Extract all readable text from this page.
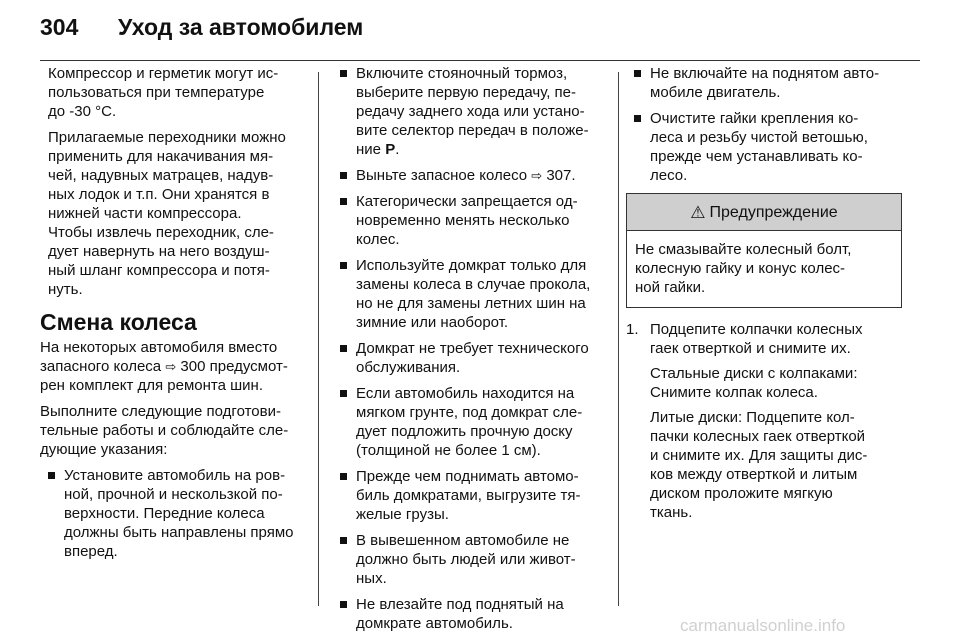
304 Уход за автомобилем
Компрессор и герметик могут ис-
пользоваться при температуре
до -30 °C.
Прилагаемые переходники можно
применить для накачивания мя-
чей, надувных матрацев, надув-
ных лодок и т.п. Они хранятся в
нижней части компрессора.
Чтобы извлечь переходник, сле-
дует навернуть на него воздуш-
ный шланг компрессора и потя-
нуть.
Смена колеса
На некоторых автомобиля вместо
запасного колеса ⇨ 300 предусмот-
рен комплект для ремонта шин.
Выполните следующие подготови-
тельные работы и соблюдайте сле-
дующие указания:
Установите автомобиль на ров-
ной, прочной и нескользкой по-
верхности. Передние колеса
должны быть направлены прямо
вперед.
Включите стояночный тормоз,
выберите первую передачу, пе-
редачу заднего хода или устано-
вите селектор передач в положе-
ние P.
Выньте запасное колесо ⇨ 307.
Категорически запрещается од-
новременно менять несколько
колес.
Используйте домкрат только для
замены колеса в случае прокола,
но не для замены летних шин на
зимние или наоборот.
Домкрат не требует технического
обслуживания.
Если автомобиль находится на
мягком грунте, под домкрат сле-
дует подложить прочную доску
(толщиной не более 1 см).
Прежде чем поднимать автомо-
биль домкратами, выгрузите тя-
желые грузы.
В вывешенном автомобиле не
должно быть людей или живот-
ных.
Не влезайте под поднятый на
домкрате автомобиль.
Не включайте на поднятом авто-
мобиле двигатель.
Очистите гайки крепления ко-
леса и резьбу чистой ветошью,
прежде чем устанавливать ко-
лесо.
⚠ Предупреждение
Не смазывайте колесный болт,
колесную гайку и конус колес-
ной гайки.
1. Подцепите колпачки колесных
гаек отверткой и снимите их.
Стальные диски с колпаками:
Снимите колпак колеса.
Литые диски: Подцепите кол-
пачки колесных гаек отверткой
и снимите их. Для защиты дис-
ков между отверткой и литым
диском проложите мягкую
ткань.
carmanualsonline.info
